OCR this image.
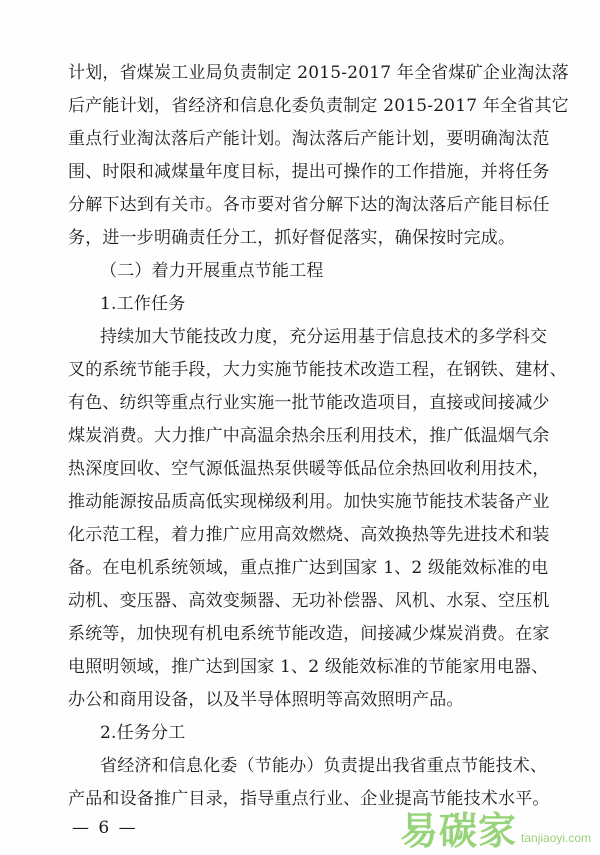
计划，省煤炭工业局负责制定 2015-2017 年全省煤矿企业淘汰落
后产能计划，省经济和信息化委负责制定 2015-2017 年全省其它
重点行业淘汰落后产能计划。淘汰落后产能计划，要明确淘汰范
围、时限和减煤量年度目标，提出可操作的工作措施，并将任务
分解下达到有关市。各市要对省分解下达的淘汰落后产能目标任
务，进一步明确责任分工，抓好督促落实，确保按时完成。
（二）着力开展重点节能工程
1.工作任务
持续加大节能技改力度，充分运用基于信息技术的多学科交
叉的系统节能手段，大力实施节能技术改造工程，在钢铁、建材、
有色、纺织等重点行业实施一批节能改造项目，直接或间接减少
煤炭消费。大力推广中高温余热余压利用技术，推广低温烟气余
热深度回收、空气源低温热泵供暖等低品位余热回收利用技术，
推动能源按品质高低实现梯级利用。加快实施节能技术装备产业
化示范工程，着力推广应用高效燃烧、高效换热等先进技术和装
备。在电机系统领域，重点推广达到国家 1、2 级能效标准的电
动机、变压器、高效变频器、无功补偿器、风机、水泵、空压机
系统等，加快现有机电系统节能改造，间接减少煤炭消费。在家
电照明领域，推广达到国家 1、2 级能效标准的节能家用电器、
办公和商用设备，以及半导体照明等高效照明产品。
2.任务分工
省经济和信息化委（节能办）负责提出我省重点节能技术、
产品和设备推广目录，指导重点行业、企业提高节能技术水平。
— 6 —	易碳家 tanjiaoyi.com
